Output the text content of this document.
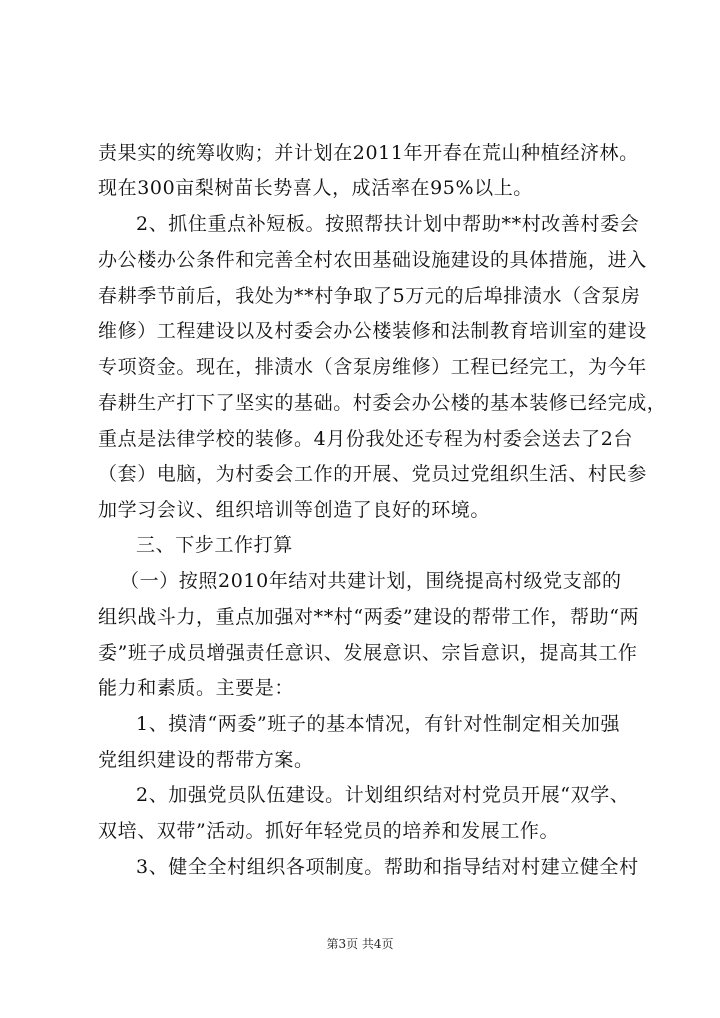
责果实的统筹收购；并计划在2011年开春在荒山种植经济林。
现在300亩梨树苗长势喜人，成活率在95%以上。
2、抓住重点补短板。按照帮扶计划中帮助**村改善村委会
办公楼办公条件和完善全村农田基础设施建设的具体措施，进入
春耕季节前后，我处为**村争取了5万元的后埠排渍水（含泵房
维修）工程建设以及村委会办公楼装修和法制教育培训室的建设
专项资金。现在，排渍水（含泵房维修）工程已经完工，为今年
春耕生产打下了坚实的基础。村委会办公楼的基本装修已经完成，
重点是法律学校的装修。4月份我处还专程为村委会送去了2台
（套）电脑，为村委会工作的开展、党员过党组织生活、村民参
加学习会议、组织培训等创造了良好的环境。
三、下步工作打算
（一）按照2010年结对共建计划，围绕提高村级党支部的
组织战斗力，重点加强对**村“两委”建设的帮带工作，帮助“两
委”班子成员增强责任意识、发展意识、宗旨意识，提高其工作
能力和素质。主要是：
1、摸清“两委”班子的基本情况，有针对性制定相关加强
党组织建设的帮带方案。
2、加强党员队伍建设。计划组织结对村党员开展“双学、
双培、双带”活动。抓好年轻党员的培养和发展工作。
3、健全全村组织各项制度。帮助和指导结对村建立健全村
第3页 共4页
